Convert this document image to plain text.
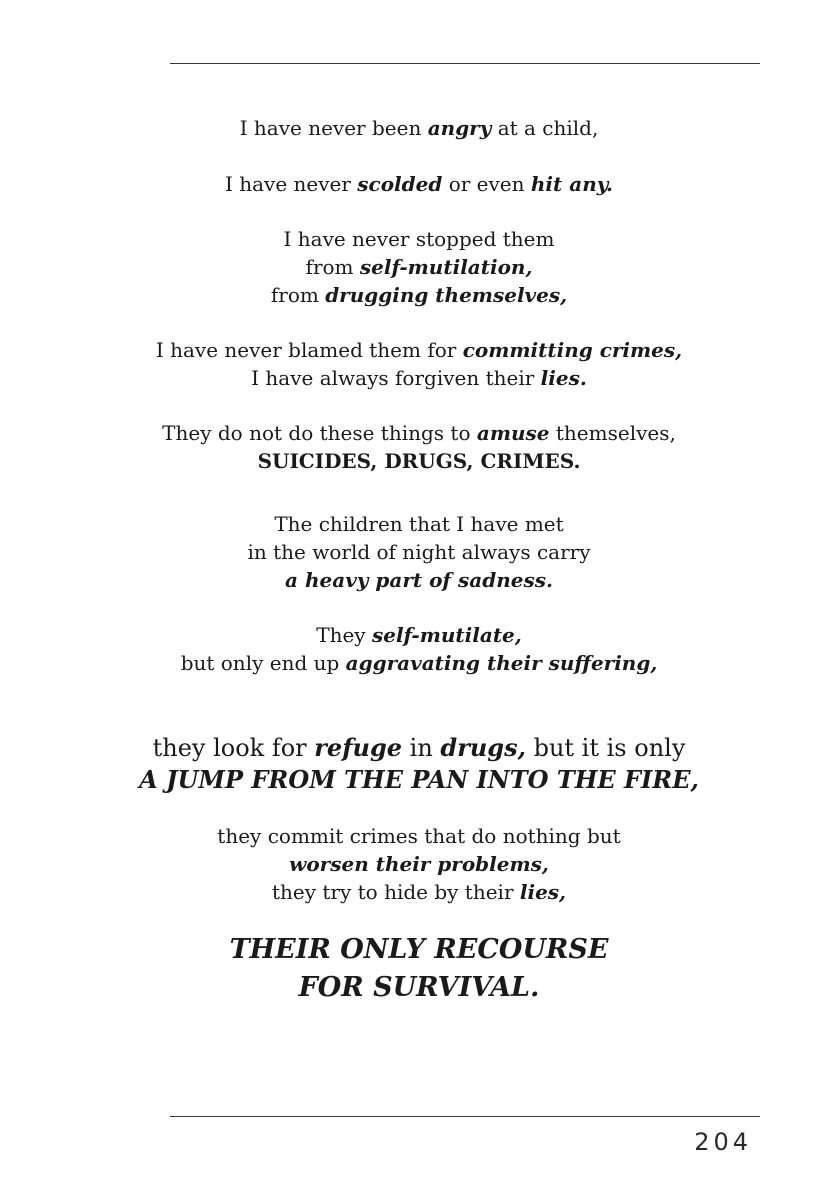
I have never been angry at a child,
I have never scolded or even hit any.
I have never stopped them
from self-mutilation,
from drugging themselves,
I have never blamed them for committing crimes,
I have always forgiven their lies.
They do not do these things to amuse themselves,
SUICIDES, DRUGS, CRIMES.
The children that I have met
in the world of night always carry
a heavy part of sadness.
They self-mutilate,
but only end up aggravating their suffering,
they look for refuge in drugs, but it is only
A JUMP FROM THE PAN INTO THE FIRE,
they commit crimes that do nothing but
worsen their problems,
they try to hide by their lies,
THEIR ONLY RECOURSE
FOR SURVIVAL.
204
